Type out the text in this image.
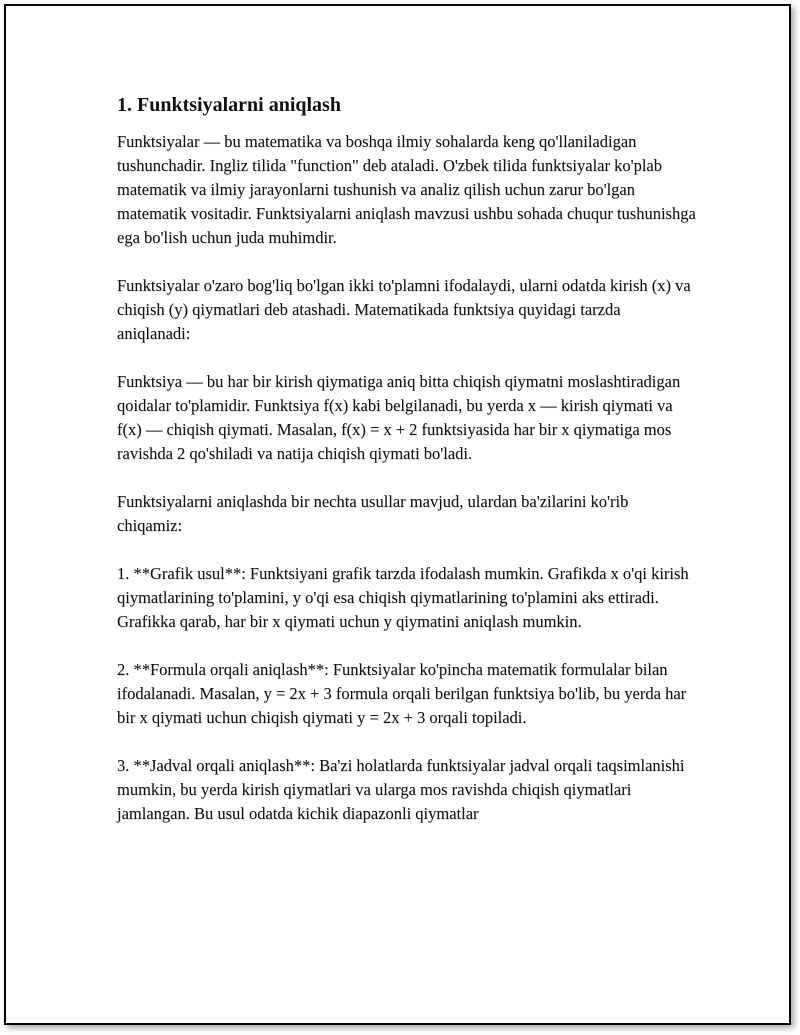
1. Funktsiyalarni aniqlash

Funktsiyalar — bu matematika va boshqa ilmiy sohalarda keng qo'llaniladigan tushunchadir. Ingliz tilida "function" deb ataladi. O'zbek tilida funktsiyalar ko'plab matematik va ilmiy jarayonlarni tushunish va analiz qilish uchun zarur bo'lgan matematik vositadir. Funktsiyalarni aniqlash mavzusi ushbu sohada chuqur tushunishga ega bo'lish uchun juda muhimdir.

Funktsiyalar o'zaro bog'liq bo'lgan ikki to'plamni ifodalaydi, ularni odatda kirish (x) va chiqish (y) qiymatlari deb atashadi. Matematikada funktsiya quyidagi tarzda aniqlanadi:

Funktsiya — bu har bir kirish qiymatiga aniq bitta chiqish qiymatni moslashtiradigan qoidalar to'plamidir. Funktsiya f(x) kabi belgilanadi, bu yerda x — kirish qiymati va f(x) — chiqish qiymati. Masalan, f(x) = x + 2 funktsiyasida har bir x qiymatiga mos ravishda 2 qo'shiladi va natija chiqish qiymati bo'ladi.

Funktsiyalarni aniqlashda bir nechta usullar mavjud, ulardan ba'zilarini ko'rib chiqamiz:

1. **Grafik usul**: Funktsiyani grafik tarzda ifodalash mumkin. Grafikda x o'qi kirish qiymatlarining to'plamini, y o'qi esa chiqish qiymatlarining to'plamini aks ettiradi. Grafikka qarab, har bir x qiymati uchun y qiymatini aniqlash mumkin.

2. **Formula orqali aniqlash**: Funktsiyalar ko'pincha matematik formulalar bilan ifodalanadi. Masalan, y = 2x + 3 formula orqali berilgan funktsiya bo'lib, bu yerda har bir x qiymati uchun chiqish qiymati y = 2x + 3 orqali topiladi.

3. **Jadval orqali aniqlash**: Ba'zi holatlarda funktsiyalar jadval orqali taqsimlanishi mumkin, bu yerda kirish qiymatlari va ularga mos ravishda chiqish qiymatlari jamlangan. Bu usul odatda kichik diapazonli qiymatlar
